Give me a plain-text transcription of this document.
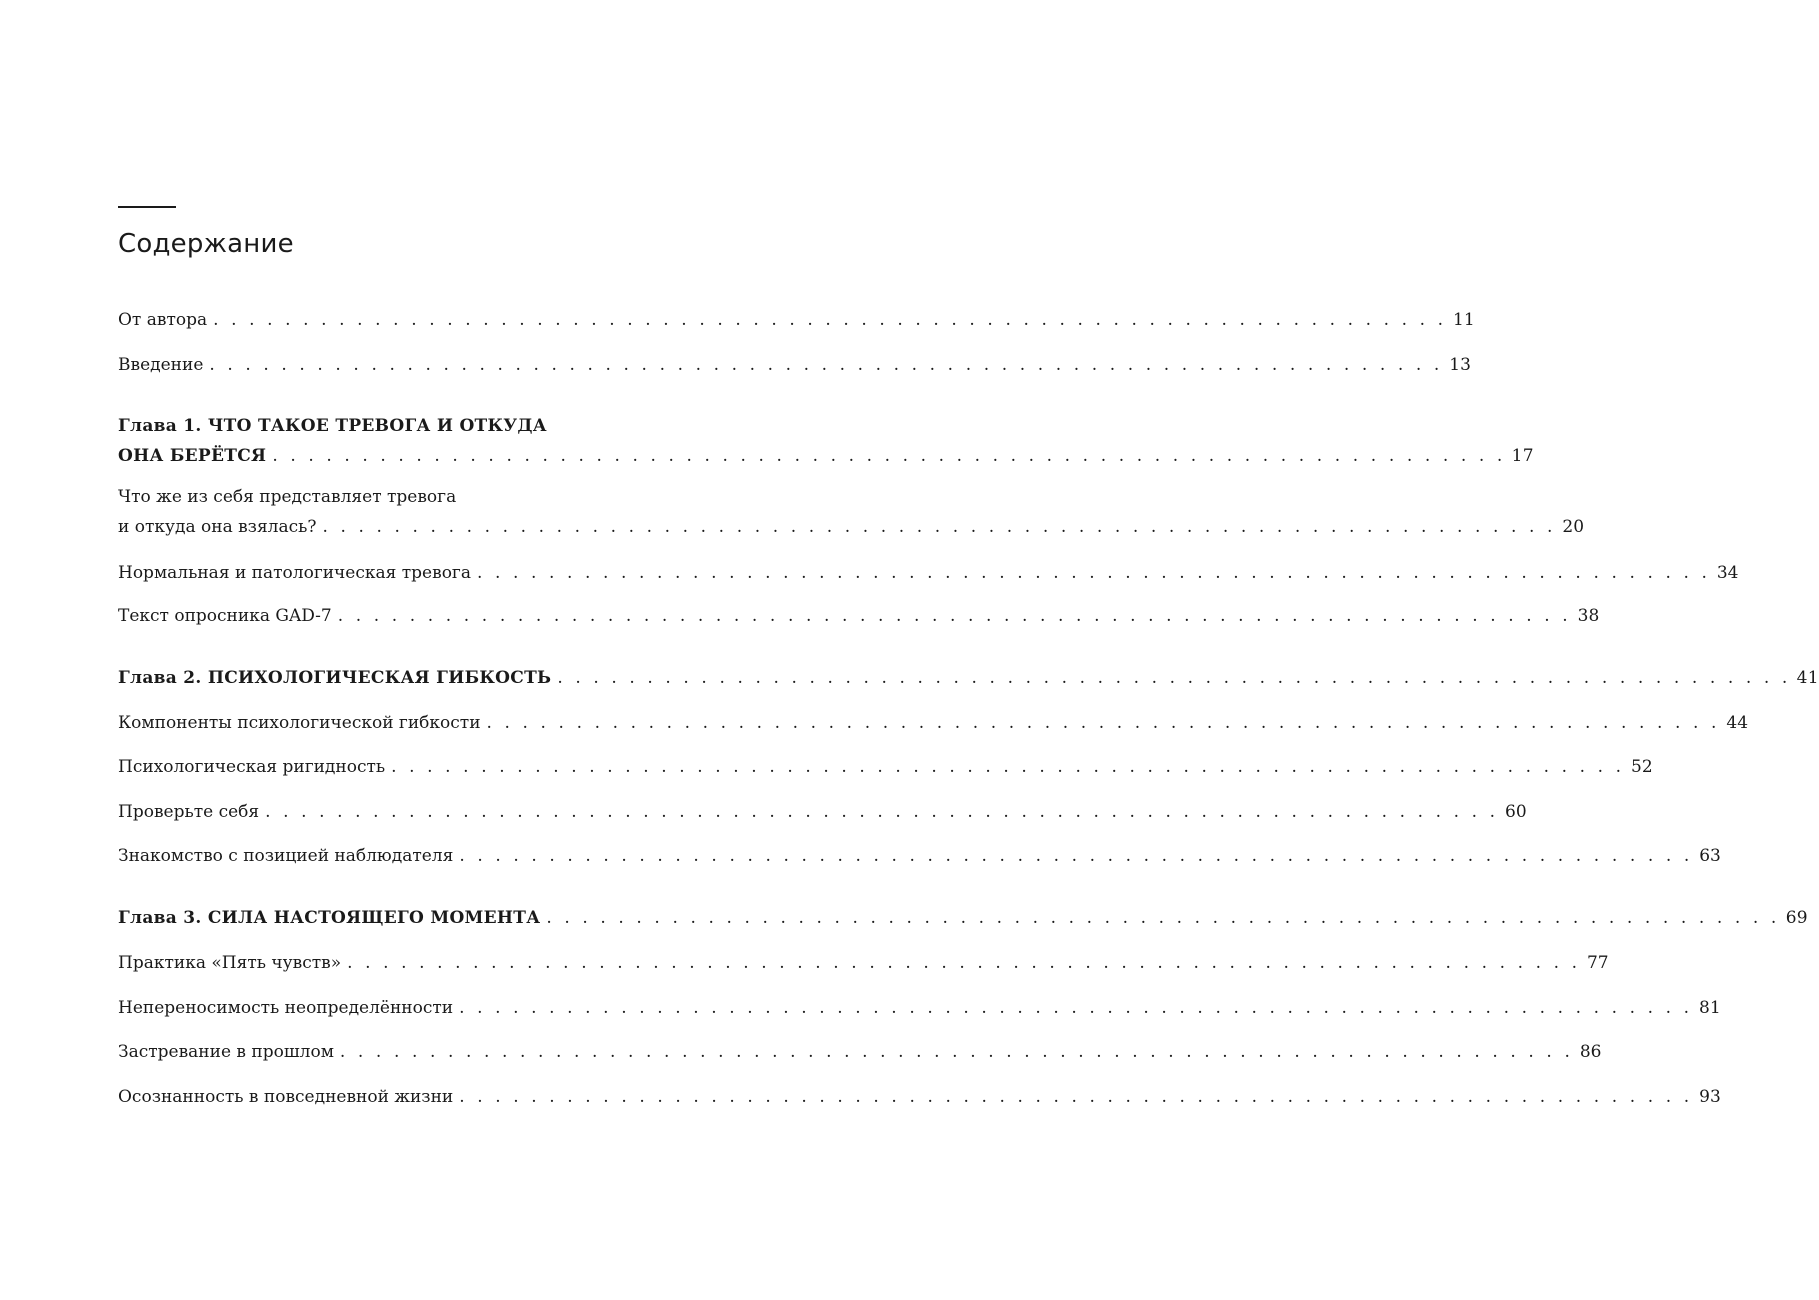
Содержание
От автора . . . . . . . . . . . . . . . . . . . . . . . . . . . . . . . . . . . . . . . . . . . . . . . . . . . . . . . . . . . . . . . . . . . . . 11
Введение . . . . . . . . . . . . . . . . . . . . . . . . . . . . . . . . . . . . . . . . . . . . . . . . . . . . . . . . . . . . . . . . . . . . . 13
Глава 1. ЧТО ТАКОЕ ТРЕВОГА И ОТКУДА
ОНА БЕРЁТСЯ . . . . . . . . . . . . . . . . . . . . . . . . . . . . . . . . . . . . . . . . . . . . . . . . . . . . . . . . . . . . . . . . . . . . . 17
Что же из себя представляет тревога
и откуда она взялась? . . . . . . . . . . . . . . . . . . . . . . . . . . . . . . . . . . . . . . . . . . . . . . . . . . . . . . . . . . . . . . . . . . . . . 20
Нормальная и патологическая тревога . . . . . . . . . . . . . . . . . . . . . . . . . . . . . . . . . . . . . . . . . . . . . . . . . . . . . . . . . . . . . . . . . . . . . 34
Текст опросника GAD-7 . . . . . . . . . . . . . . . . . . . . . . . . . . . . . . . . . . . . . . . . . . . . . . . . . . . . . . . . . . . . . . . . . . . . . 38
Глава 2. ПСИХОЛОГИЧЕСКАЯ ГИБКОСТЬ . . . . . . . . . . . . . . . . . . . . . . . . . . . . . . . . . . . . . . . . . . . . . . . . . . . . . . . . . . . . . . . . . . . . . 41
Компоненты психологической гибкости . . . . . . . . . . . . . . . . . . . . . . . . . . . . . . . . . . . . . . . . . . . . . . . . . . . . . . . . . . . . . . . . . . . . . 44
Психологическая ригидность . . . . . . . . . . . . . . . . . . . . . . . . . . . . . . . . . . . . . . . . . . . . . . . . . . . . . . . . . . . . . . . . . . . . . 52
Проверьте себя . . . . . . . . . . . . . . . . . . . . . . . . . . . . . . . . . . . . . . . . . . . . . . . . . . . . . . . . . . . . . . . . . . . . . 60
Знакомство с позицией наблюдателя . . . . . . . . . . . . . . . . . . . . . . . . . . . . . . . . . . . . . . . . . . . . . . . . . . . . . . . . . . . . . . . . . . . . . 63
Глава 3. СИЛА НАСТОЯЩЕГО МОМЕНТА . . . . . . . . . . . . . . . . . . . . . . . . . . . . . . . . . . . . . . . . . . . . . . . . . . . . . . . . . . . . . . . . . . . . . 69
Практика «Пять чувств» . . . . . . . . . . . . . . . . . . . . . . . . . . . . . . . . . . . . . . . . . . . . . . . . . . . . . . . . . . . . . . . . . . . . . 77
Непереносимость неопределённости . . . . . . . . . . . . . . . . . . . . . . . . . . . . . . . . . . . . . . . . . . . . . . . . . . . . . . . . . . . . . . . . . . . . . 81
Застревание в прошлом . . . . . . . . . . . . . . . . . . . . . . . . . . . . . . . . . . . . . . . . . . . . . . . . . . . . . . . . . . . . . . . . . . . . . 86
Осознанность в повседневной жизни . . . . . . . . . . . . . . . . . . . . . . . . . . . . . . . . . . . . . . . . . . . . . . . . . . . . . . . . . . . . . . . . . . . . . 93
